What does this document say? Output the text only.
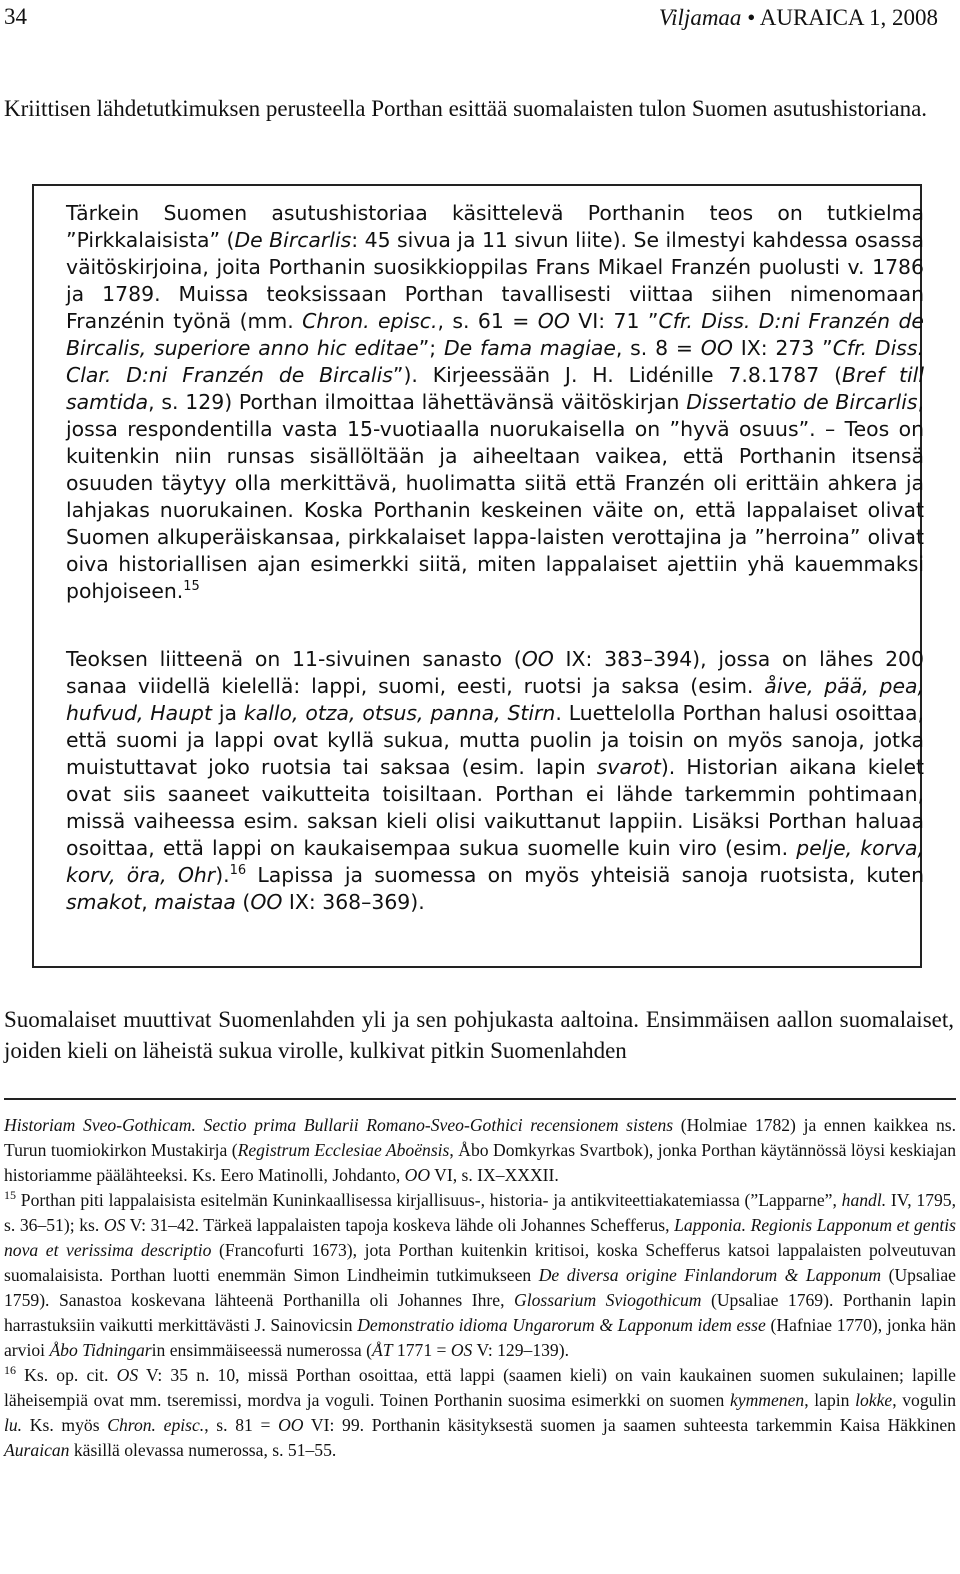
34	Viljamaa • AURAICA 1, 2008
Kriittisen lähdetutkimuksen perusteella Porthan esittää suomalaisten tulon Suomen asutushistoriana.
Tärkein Suomen asutushistoriaa käsittelevä Porthanin teos on tutkielma ”Pirkkalaisista” (De Bircarlis: 45 sivua ja 11 sivun liite). Se ilmestyi kahdessa osassa väitöskirjoina, joita Porthanin suosikkioppilas Frans Mikael Franzén puolusti v. 1786 ja 1789. Muissa teoksissaan Porthan tavallisesti viittaa siihen nimenomaan Franzénin työnä (mm. Chron. episc., s. 61 = OO VI: 71 ”Cfr. Diss. D:ni Franzén de Bircalis, superiore anno hic editae”; De fama magiae, s. 8 = OO IX: 273 ”Cfr. Diss. Clar. D:ni Franzén de Bircalis”). Kirjeessään J. H. Lidénille 7.8.1787 (Bref till samtida, s. 129) Porthan ilmoittaa lähettävänsä väitöskirjan Dissertatio de Bircarlis, jossa respondentilla vasta 15-vuotiaalla nuorukaisella on ”hyvä osuus”. – Teos on kuitenkin niin runsas sisällöltään ja aiheeltaan vaikea, että Porthanin itsensä osuuden täytyy olla merkittävä, huolimatta siitä että Franzén oli erittäin ahkera ja lahjakas nuorukainen. Koska Porthanin keskeinen väite on, että lappalaiset olivat Suomen alkuperäiskansaa, pirkkalaiset lappa-laisten verottajina ja ”herroina” olivat oiva historiallisen ajan esimerkki siitä, miten lappalaiset ajettiin yhä kauemmaksi pohjoiseen.$^{15}$
Teoksen liitteenä on 11-sivuinen sanasto (OO IX: 383–394), jossa on lähes 200 sanaa viidellä kielellä: lappi, suomi, eesti, ruotsi ja saksa (esim. åive, pää, pea, hufvud, Haupt ja kallo, otza, otsus, panna, Stirn. Luettelolla Porthan halusi osoittaa, että suomi ja lappi ovat kyllä sukua, mutta puolin ja toisin on myös sanoja, jotka muistuttavat joko ruotsia tai saksaa (esim. lapin svarot). Historian aikana kielet ovat siis saaneet vaikutteita toisiltaan. Porthan ei lähde tarkemmin pohtimaan, missä vaiheessa esim. saksan kieli olisi vaikuttanut lappiin. Lisäksi Porthan haluaa osoittaa, että lappi on kaukaisempaa sukua suomelle kuin viro (esim. pelje, korva, korv, öra, Ohr).$^{16}$ Lapissa ja suomessa on myös yhteisiä sanoja ruotsista, kuten smakot, maistaa (OO IX: 368–369).
Suomalaiset muuttivat Suomenlahden yli ja sen pohjukasta aaltoina. Ensimmäisen aallon suomalaiset, joiden kieli on läheistä sukua virolle, kulkivat pitkin Suomenlahden

Historiam Sveo-Gothicam. Sectio prima Bullarii Romano-Sveo-Gothici recensionem sistens (Holmiae 1782) ja ennen kaikkea ns. Turun tuomiokirkon Mustakirja (Registrum Ecclesiae Aboënsis, Åbo Domkyrkas Svartbok), jonka Porthan käytännössä löysi keskiajan historiamme päälähteeksi. Ks. Eero Matinolli, Johdanto, OO VI, s. IX–XXXII.

$^{15}$ Porthan piti lappalaisista esitelmän Kuninkaallisessa kirjallisuus-, historia- ja antikviteettiakatemiassa (”Lapparne”, handl. IV, 1795, s. 36–51); ks. OS V: 31–42. Tärkeä lappalaisten tapoja koskeva lähde oli Johannes Schefferus, Lapponia. Regionis Lapponum et gentis nova et verissima descriptio (Francofurti 1673), jota Porthan kuitenkin kritisoi, koska Schefferus katsoi lappalaisten polveutuvan suomalaisista. Porthan luotti enemmän Simon Lindheimin tutkimukseen De diversa origine Finlandorum & Lapponum (Upsaliae 1759). Sanastoa koskevana lähteenä Porthanilla oli Johannes Ihre, Glossarium Sviogothicum (Upsaliae 1769). Porthanin lapin harrastuksiin vaikutti merkittävästi J. Sainovicsin Demonstratio idioma Ungarorum & Lapponum idem esse (Hafniae 1770), jonka hän arvioi Åbo Tidningarin ensimmäiseessä numerossa (ÅT 1771 = OS V: 129–139).

$^{16}$ Ks. op. cit. OS V: 35 n. 10, missä Porthan osoittaa, että lappi (saamen kieli) on vain kaukainen suomen sukulainen; lapille läheisempiä ovat mm. tseremissi, mordva ja voguli. Toinen Porthanin suosima esimerkki on suomen kymmenen, lapin lokke, vogulin lu. Ks. myös Chron. episc., s. 81 = OO VI: 99. Porthanin käsityksestä suomen ja saamen suhteesta tarkemmin Kaisa Häkkinen Auraican käsillä olevassa numerossa, s. 51–55.
